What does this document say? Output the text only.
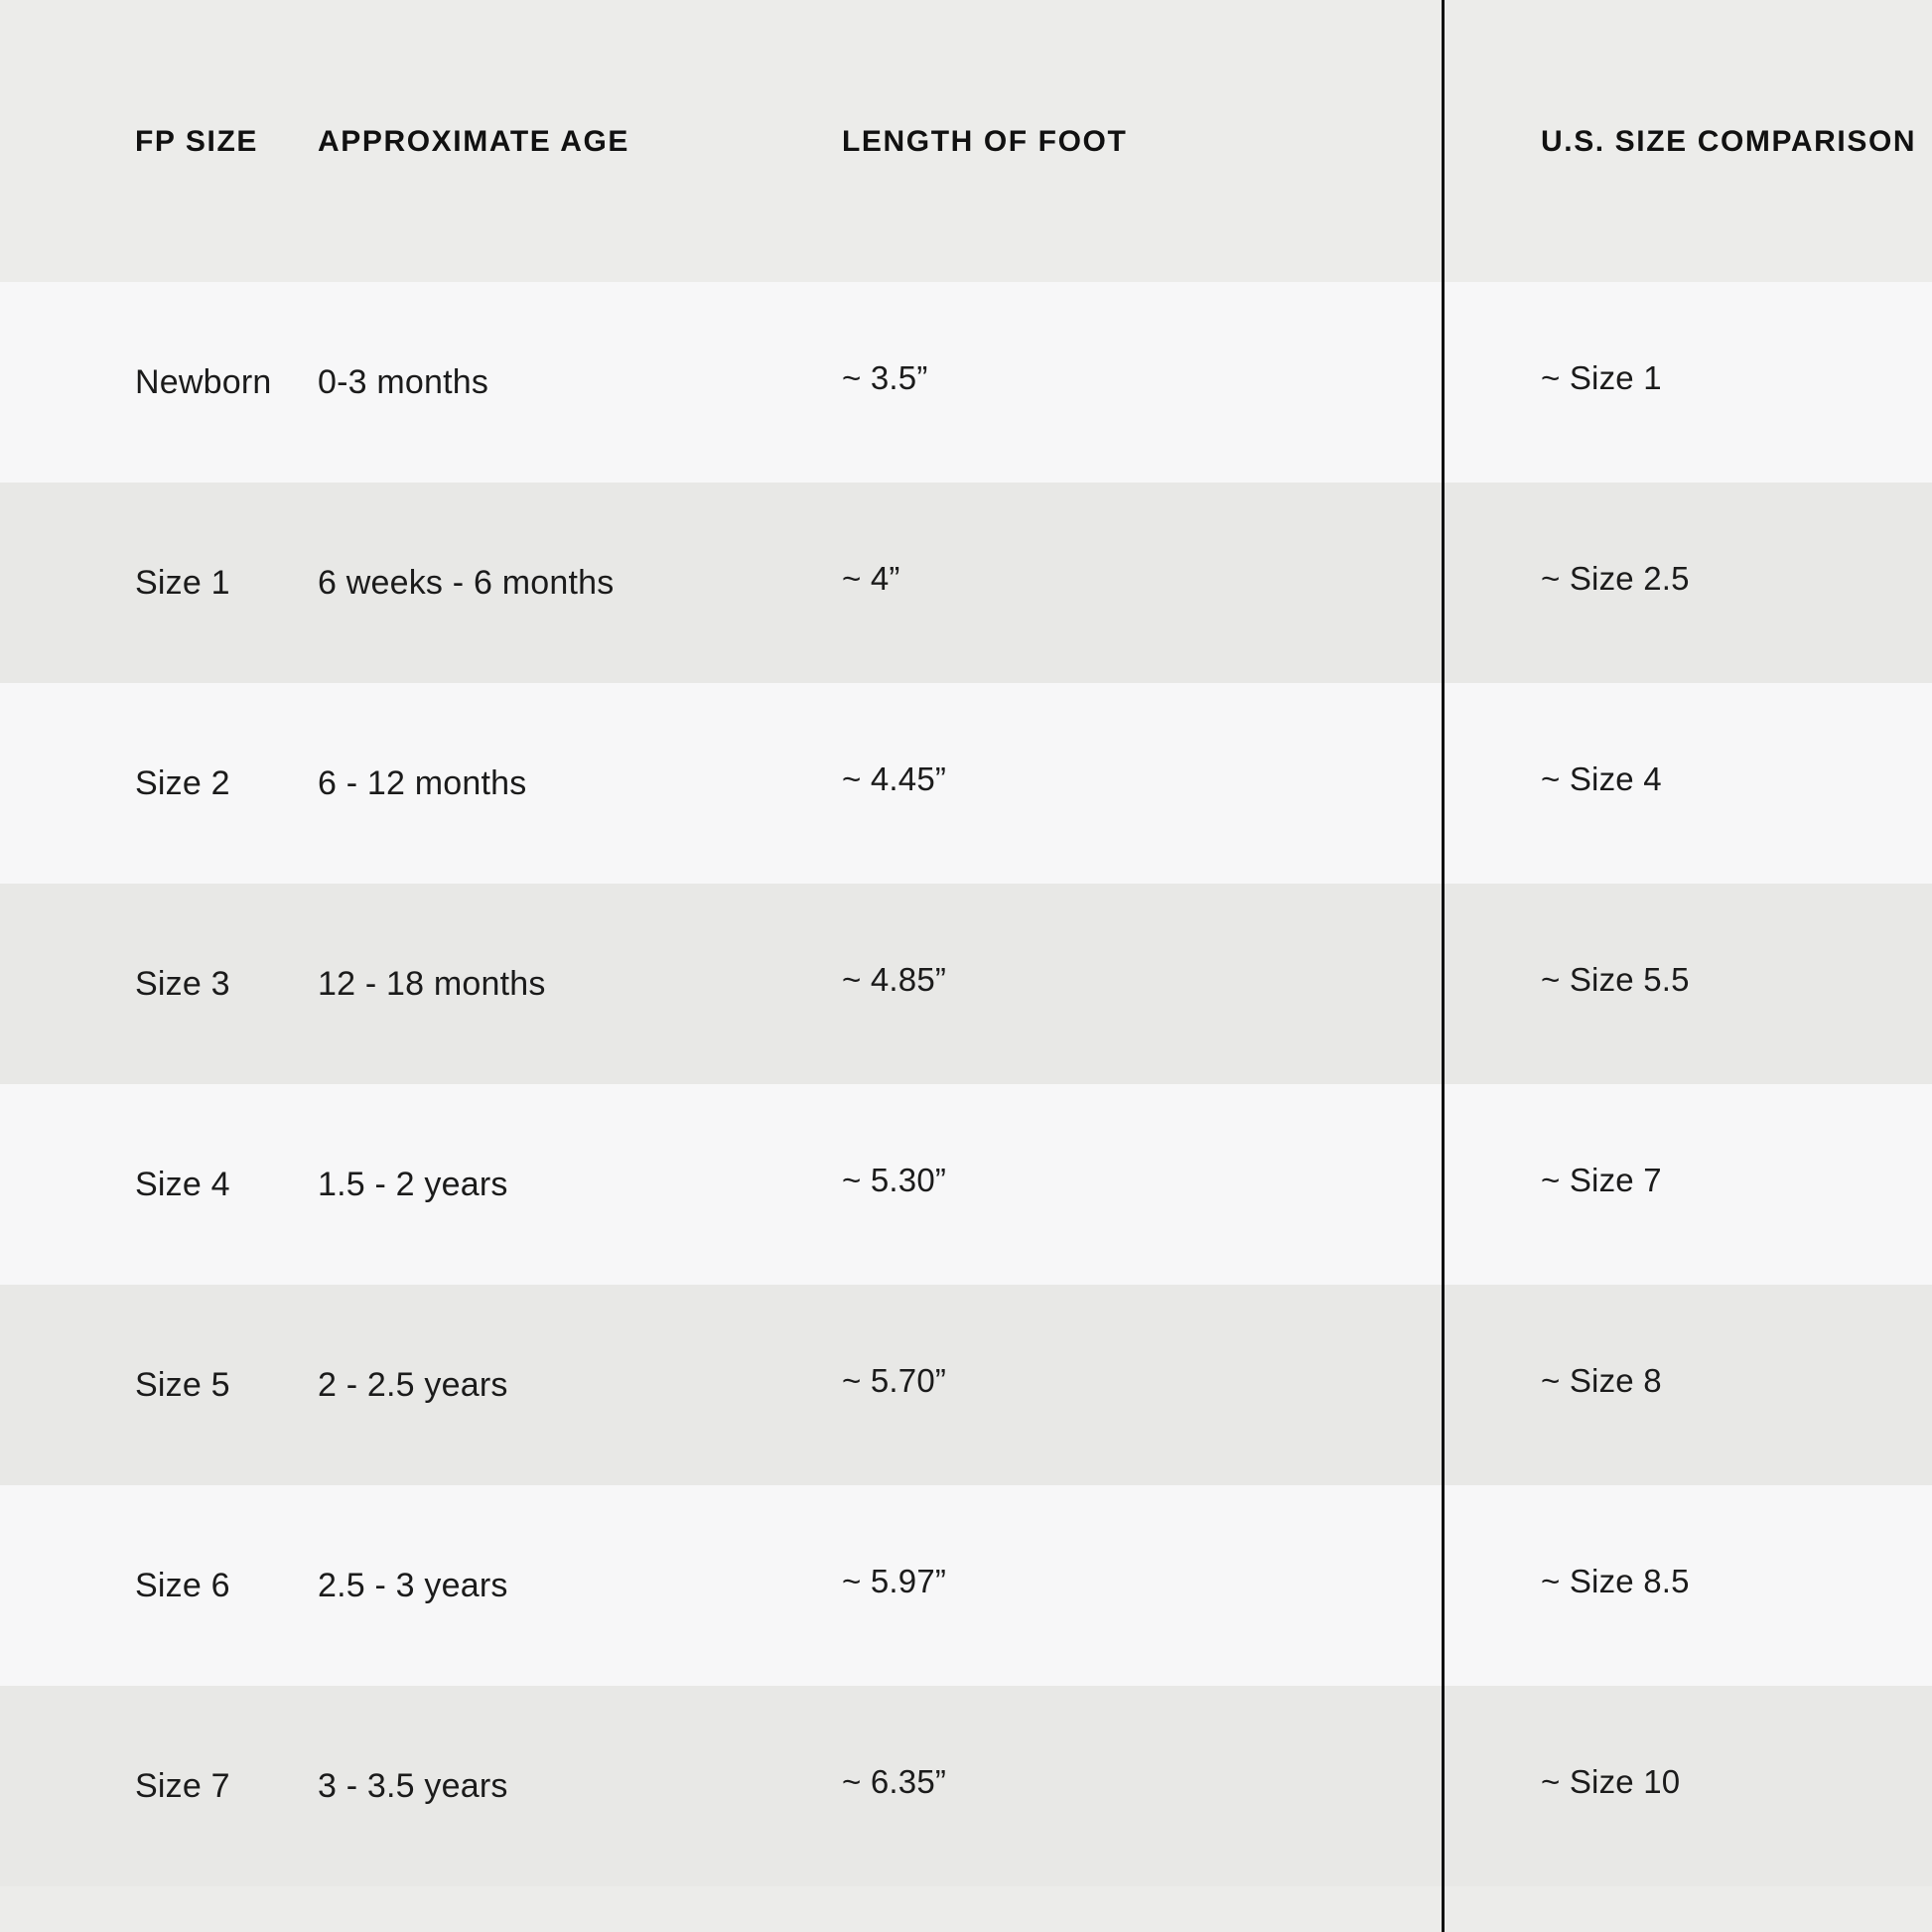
FP SIZE	APPROXIMATE AGE	LENGTH OF FOOT	U.S. SIZE COMPARISON

Newborn	0-3 months	~ 3.5”	~ Size 1
Size 1	6 weeks - 6 months	~ 4”	~ Size 2.5
Size 2	6 - 12 months	~ 4.45”	~ Size 4
Size 3	12 - 18 months	~ 4.85”	~ Size 5.5
Size 4	1.5 - 2 years	~ 5.30”	~ Size 7
Size 5	2 - 2.5 years	~ 5.70”	~ Size 8
Size 6	2.5 - 3 years	~ 5.97”	~ Size 8.5
Size 7	3 - 3.5 years	~ 6.35”	~ Size 10
